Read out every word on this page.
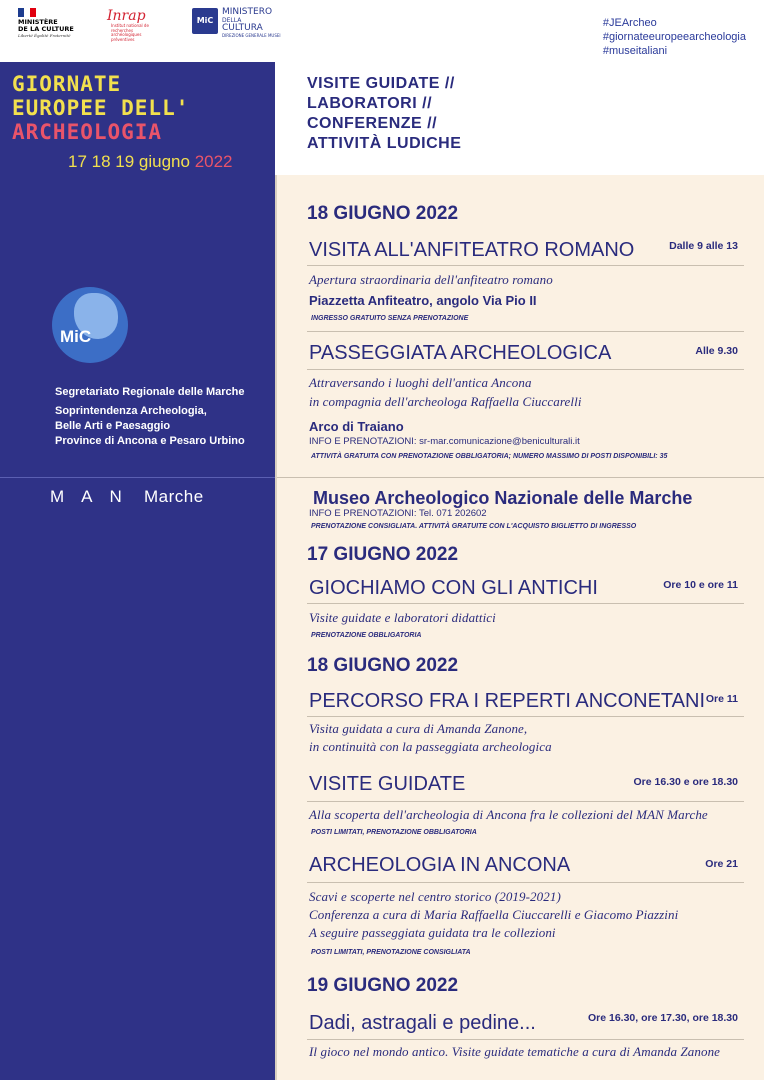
MINISTÈRE
DE LA CULTURE
Liberté Égalité Fraternité
Inrap
Institut national de recherches archéologiques préventives
MiC
MINISTERO
DELLA
CULTURA
DIREZIONE GENERALE MUSEI
#JEArcheo
#giornateeuropeearcheologia
#museitaliani
GIORNATE
EUROPEE DELL'
ARCHEOLOGIA
17 18 19 giugno 2022
VISITE GUIDATE //
LABORATORI //
CONFERENZE //
ATTIVITÀ LUDICHE
MiC
Segretariato Regionale delle Marche
Soprintendenza Archeologia,
Belle Arti e Paesaggio
Province di Ancona e Pesaro Urbino
MAN Marche
18 GIUGNO 2022
VISITA ALL'ANFITEATRO ROMANO	Dalle 9 alle 13
Apertura straordinaria dell'anfiteatro romano
Piazzetta Anfiteatro, angolo Via Pio II
INGRESSO GRATUITO SENZA PRENOTAZIONE
PASSEGGIATA ARCHEOLOGICA	Alle 9.30
Attraversando i luoghi dell'antica Ancona
in compagnia dell'archeologa Raffaella Ciuccarelli
Arco di Traiano
INFO E PRENOTAZIONI: sr-mar.comunicazione@beniculturali.it
ATTIVITÀ GRATUITA CON PRENOTAZIONE OBBLIGATORIA; NUMERO MASSIMO DI POSTI DISPONIBILI: 35
Museo Archeologico Nazionale delle Marche
INFO E PRENOTAZIONI: Tel. 071 202602
PRENOTAZIONE CONSIGLIATA. ATTIVITÀ GRATUITE CON L'ACQUISTO BIGLIETTO DI INGRESSO
17 GIUGNO 2022
GIOCHIAMO CON GLI ANTICHI	Ore 10 e ore 11
Visite guidate e laboratori didattici
PRENOTAZIONE OBBLIGATORIA
18 GIUGNO 2022
PERCORSO FRA I REPERTI ANCONETANI Ore 11
Visita guidata a cura di Amanda Zanone,
in continuità con la passeggiata archeologica
VISITE GUIDATE	Ore 16.30 e ore 18.30
Alla scoperta dell'archeologia di Ancona fra le collezioni del MAN Marche
POSTI LIMITATI, PRENOTAZIONE OBBLIGATORIA
ARCHEOLOGIA IN ANCONA	Ore 21
Scavi e scoperte nel centro storico (2019-2021)
Conferenza a cura di Maria Raffaella Ciuccarelli e Giacomo Piazzini
A seguire passeggiata guidata tra le collezioni
POSTI LIMITATI, PRENOTAZIONE CONSIGLIATA
19 GIUGNO 2022
Dadi, astragali e pedine...	Ore 16.30, ore 17.30, ore 18.30
Il gioco nel mondo antico. Visite guidate tematiche a cura di Amanda Zanone
